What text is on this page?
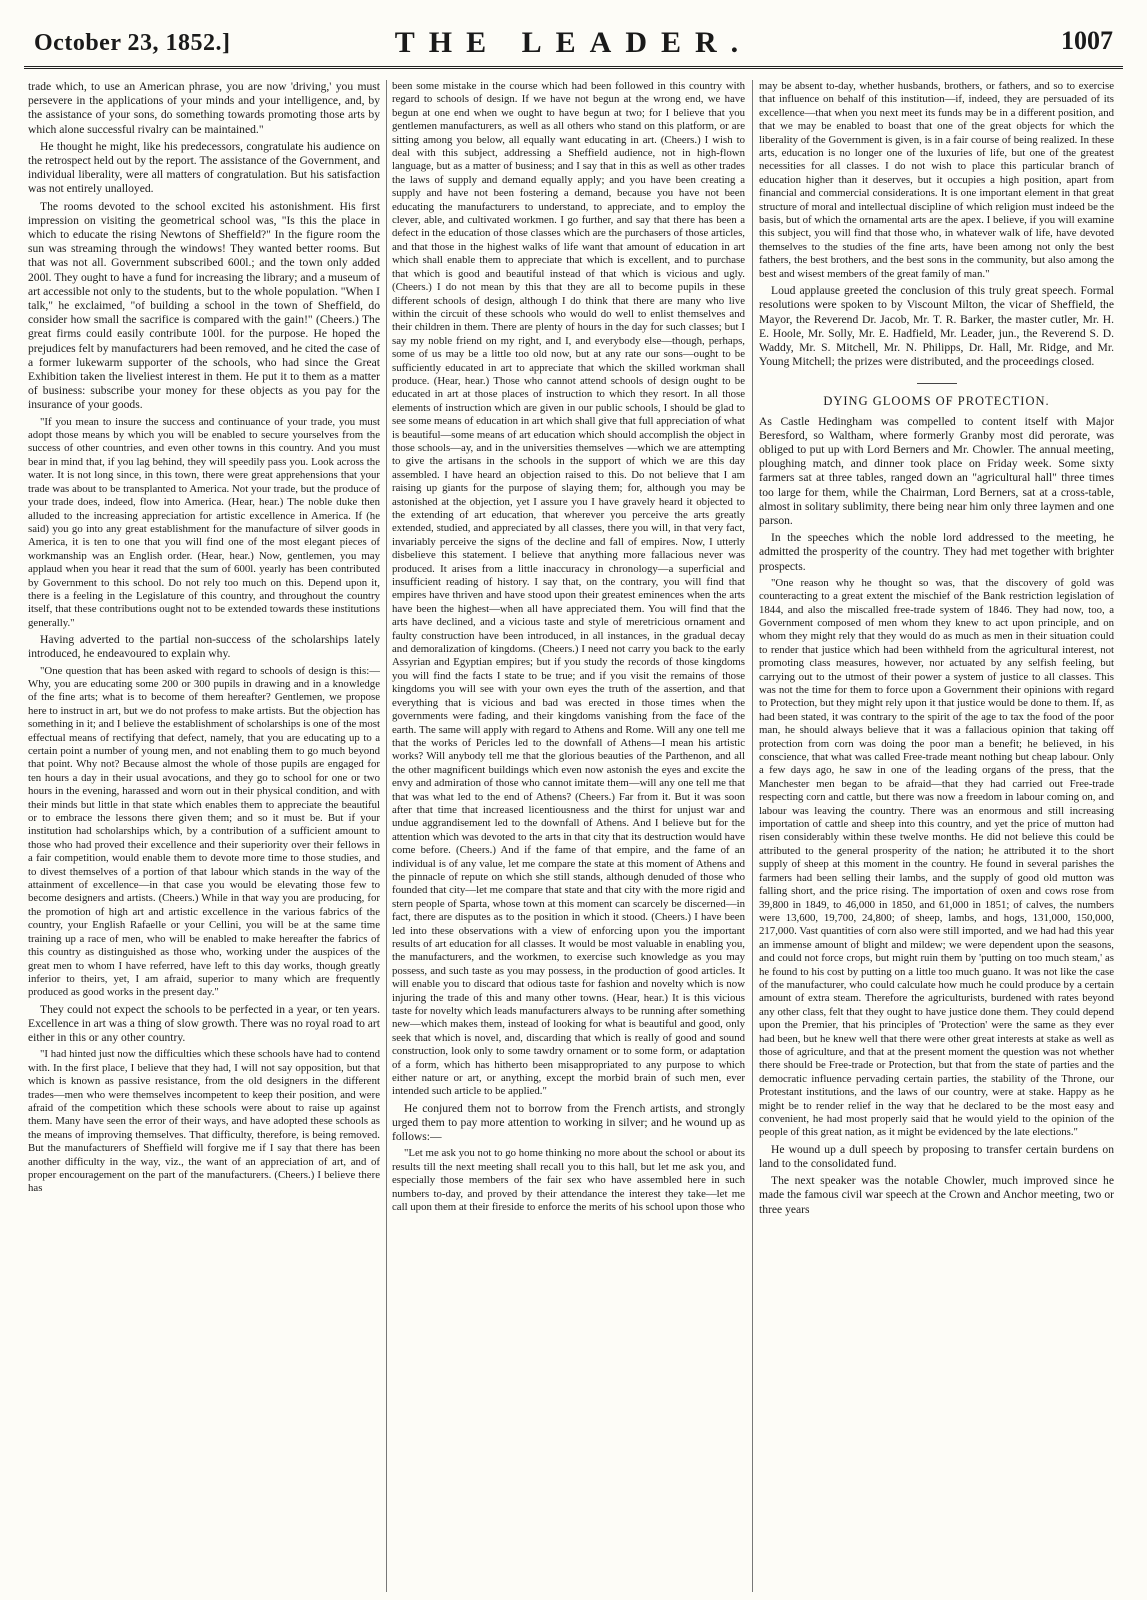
October 23, 1852.]	THE LEADER.	1007

trade which, to use an American phrase, you are now 'driving,' you must persevere in the applications of your minds and your intelligence, and, by the assistance of your sons, do something towards promoting those arts by which alone successful rivalry can be maintained."

He thought he might, like his predecessors, congratulate his audience on the retrospect held out by the report. The assistance of the Government, and individual liberality, were all matters of congratulation. But his satisfaction was not entirely unalloyed.

The rooms devoted to the school excited his astonishment. His first impression on visiting the geometrical school was, "Is this the place in which to educate the rising Newtons of Sheffield?" In the figure room the sun was streaming through the windows! They wanted better rooms. But that was not all. Government subscribed 600l.; and the town only added 200l. They ought to have a fund for increasing the library; and a museum of art accessible not only to the students, but to the whole population. "When I talk," he exclaimed, "of building a school in the town of Sheffield, do consider how small the sacrifice is compared with the gain!" (Cheers.) The great firms could easily contribute 100l. for the purpose. He hoped the prejudices felt by manufacturers had been removed, and he cited the case of a former lukewarm supporter of the schools, who had since the Great Exhibition taken the liveliest interest in them. He put it to them as a matter of business: subscribe your money for these objects as you pay for the insurance of your goods.

"If you mean to insure the success and continuance of your trade, you must adopt those means by which you will be enabled to secure yourselves from the success of other countries, and even other towns in this country. And you must bear in mind that, if you lag behind, they will speedily pass you. Look across the water. It is not long since, in this town, there were great apprehensions that your trade was about to be transplanted to America. Not your trade, but the produce of your trade does, indeed, flow into America. (Hear, hear.) The noble duke then alluded to the increasing appreciation for artistic excellence in America. If (he said) you go into any great establishment for the manufacture of silver goods in America, it is ten to one that you will find one of the most elegant pieces of workmanship was an English order. (Hear, hear.) Now, gentlemen, you may applaud when you hear it read that the sum of 600l. yearly has been contributed by Government to this school. Do not rely too much on this. Depend upon it, there is a feeling in the Legislature of this country, and throughout the country itself, that these contributions ought not to be extended towards these institutions generally."

Having adverted to the partial non-success of the scholarships lately introduced, he endeavoured to explain why.

"One question that has been asked with regard to schools of design is this:—Why, you are educating some 200 or 300 pupils in drawing and in a knowledge of the fine arts; what is to become of them hereafter? Gentlemen, we propose here to instruct in art, but we do not profess to make artists. But the objection has something in it; and I believe the establishment of scholarships is one of the most effectual means of rectifying that defect, namely, that you are educating up to a certain point a number of young men, and not enabling them to go much beyond that point. Why not? Because almost the whole of those pupils are engaged for ten hours a day in their usual avocations, and they go to school for one or two hours in the evening, harassed and worn out in their physical condition, and with their minds but little in that state which enables them to appreciate the beautiful or to embrace the lessons there given them; and so it must be. But if your institution had scholarships which, by a contribution of a sufficient amount to those who had proved their excellence and their superiority over their fellows in a fair competition, would enable them to devote more time to those studies, and to divest themselves of a portion of that labour which stands in the way of the attainment of excellence—in that case you would be elevating those few to become designers and artists. (Cheers.) While in that way you are producing, for the promotion of high art and artistic excellence in the various fabrics of the country, your English Rafaelle or your Cellini, you will be at the same time training up a race of men, who will be enabled to make hereafter the fabrics of this country as distinguished as those who, working under the auspices of the great men to whom I have referred, have left to this day works, though greatly inferior to theirs, yet, I am afraid, superior to many which are frequently produced as good works in the present day."

They could not expect the schools to be perfected in a year, or ten years. Excellence in art was a thing of slow growth. There was no royal road to art either in this or any other country.

"I had hinted just now the difficulties which these schools have had to contend with. In the first place, I believe that they had, I will not say opposition, but that which is known as passive resistance, from the old designers in the different trades—men who were themselves incompetent to keep their position, and were afraid of the competition which these schools were about to raise up against them. Many have seen the error of their ways, and have adopted these schools as the means of improving themselves. That difficulty, therefore, is being removed. But the manufacturers of Sheffield will forgive me if I say that there has been another difficulty in the way, viz., the want of an appreciation of art, and of proper encouragement on the part of the manufacturers. (Cheers.) I believe there has

been some mistake in the course which had been followed in this country with regard to schools of design. If we have not begun at the wrong end, we have begun at one end when we ought to have begun at two; for I believe that you gentlemen manufacturers, as well as all others who stand on this platform, or are sitting among you below, all equally want educating in art. (Cheers.) I wish to deal with this subject, addressing a Sheffield audience, not in high-flown language, but as a matter of business; and I say that in this as well as other trades the laws of supply and demand equally apply; and you have been creating a supply and have not been fostering a demand, because you have not been educating the manufacturers to understand, to appreciate, and to employ the clever, able, and cultivated workmen. I go further, and say that there has been a defect in the education of those classes which are the purchasers of those articles, and that those in the highest walks of life want that amount of education in art which shall enable them to appreciate that which is excellent, and to purchase that which is good and beautiful instead of that which is vicious and ugly. (Cheers.) I do not mean by this that they are all to become pupils in these different schools of design, although I do think that there are many who live within the circuit of these schools who would do well to enlist themselves and their children in them. There are plenty of hours in the day for such classes; but I say my noble friend on my right, and I, and everybody else—though, perhaps, some of us may be a little too old now, but at any rate our sons—ought to be sufficiently educated in art to appreciate that which the skilled workman shall produce. (Hear, hear.) Those who cannot attend schools of design ought to be educated in art at those places of instruction to which they resort. In all those elements of instruction which are given in our public schools, I should be glad to see some means of education in art which shall give that full appreciation of what is beautiful—some means of art education which should accomplish the object in those schools—ay, and in the universities themselves —which we are attempting to give the artisans in the schools in the support of which we are this day assembled. I have heard an objection raised to this. Do not believe that I am raising up giants for the purpose of slaying them; for, although you may be astonished at the objection, yet I assure you I have gravely heard it objected to the extending of art education, that wherever you perceive the arts greatly extended, studied, and appreciated by all classes, there you will, in that very fact, invariably perceive the signs of the decline and fall of empires. Now, I utterly disbelieve this statement. I believe that anything more fallacious never was produced. It arises from a little inaccuracy in chronology—a superficial and insufficient reading of history. I say that, on the contrary, you will find that empires have thriven and have stood upon their greatest eminences when the arts have been the highest—when all have appreciated them. You will find that the arts have declined, and a vicious taste and style of meretricious ornament and faulty construction have been introduced, in all instances, in the gradual decay and demoralization of kingdoms. (Cheers.) I need not carry you back to the early Assyrian and Egyptian empires; but if you study the records of those kingdoms you will find the facts I state to be true; and if you visit the remains of those kingdoms you will see with your own eyes the truth of the assertion, and that everything that is vicious and bad was erected in those times when the governments were fading, and their kingdoms vanishing from the face of the earth. The same will apply with regard to Athens and Rome. Will any one tell me that the works of Pericles led to the downfall of Athens—I mean his artistic works? Will anybody tell me that the glorious beauties of the Parthenon, and all the other magnificent buildings which even now astonish the eyes and excite the envy and admiration of those who cannot imitate them—will any one tell me that that was what led to the end of Athens? (Cheers.) Far from it. But it was soon after that time that increased licentiousness and the thirst for unjust war and undue aggrandisement led to the downfall of Athens. And I believe but for the attention which was devoted to the arts in that city that its destruction would have come before. (Cheers.) And if the fame of that empire, and the fame of an individual is of any value, let me compare the state at this moment of Athens and the pinnacle of repute on which she still stands, although denuded of those who founded that city—let me compare that state and that city with the more rigid and stern people of Sparta, whose town at this moment can scarcely be discerned—in fact, there are disputes as to the position in which it stood. (Cheers.) I have been led into these observations with a view of enforcing upon you the important results of art education for all classes. It would be most valuable in enabling you, the manufacturers, and the workmen, to exercise such knowledge as you may possess, and such taste as you may possess, in the production of good articles. It will enable you to discard that odious taste for fashion and novelty which is now injuring the trade of this and many other towns. (Hear, hear.) It is this vicious taste for novelty which leads manufacturers always to be running after something new—which makes them, instead of looking for what is beautiful and good, only seek that which is novel, and, discarding that which is really of good and sound construction, look only to some tawdry ornament or to some form, or adaptation of a form, which has hitherto been misappropriated to any purpose to which either nature or art, or anything, except the morbid brain of such men, ever intended such article to be applied."

He conjured them not to borrow from the French artists, and strongly urged them to pay more attention to working in silver; and he wound up as follows:—

"Let me ask you not to go home thinking no more about the school or about its results till the next meeting shall recall you to this hall, but let me ask you, and especially those members of the fair sex who have assembled here in such numbers to-day, and proved by their attendance the interest they take—let me call upon them at their fireside to enforce the merits of his school upon those who

may be absent to-day, whether husbands, brothers, or fathers, and so to exercise that influence on behalf of this institution—if, indeed, they are persuaded of its excellence—that when you next meet its funds may be in a different position, and that we may be enabled to boast that one of the great objects for which the liberality of the Government is given, is in a fair course of being realized. In these arts, education is no longer one of the luxuries of life, but one of the greatest necessities for all classes. I do not wish to place this particular branch of education higher than it deserves, but it occupies a high position, apart from financial and commercial considerations. It is one important element in that great structure of moral and intellectual discipline of which religion must indeed be the basis, but of which the ornamental arts are the apex. I believe, if you will examine this subject, you will find that those who, in whatever walk of life, have devoted themselves to the studies of the fine arts, have been among not only the best fathers, the best brothers, and the best sons in the community, but also among the best and wisest members of the great family of man."

Loud applause greeted the conclusion of this truly great speech. Formal resolutions were spoken to by Viscount Milton, the vicar of Sheffield, the Mayor, the Reverend Dr. Jacob, Mr. T. R. Barker, the master cutler, Mr. H. E. Hoole, Mr. Solly, Mr. E. Hadfield, Mr. Leader, jun., the Reverend S. D. Waddy, Mr. S. Mitchell, Mr. N. Philipps, Dr. Hall, Mr. Ridge, and Mr. Young Mitchell; the prizes were distributed, and the proceedings closed.

DYING GLOOMS OF PROTECTION.

As Castle Hedingham was compelled to content itself with Major Beresford, so Waltham, where formerly Granby most did perorate, was obliged to put up with Lord Berners and Mr. Chowler. The annual meeting, ploughing match, and dinner took place on Friday week. Some sixty farmers sat at three tables, ranged down an "agricultural hall" three times too large for them, while the Chairman, Lord Berners, sat at a cross-table, almost in solitary sublimity, there being near him only three laymen and one parson.

In the speeches which the noble lord addressed to the meeting, he admitted the prosperity of the country. They had met together with brighter prospects.

"One reason why he thought so was, that the discovery of gold was counteracting to a great extent the mischief of the Bank restriction legislation of 1844, and also the miscalled free-trade system of 1846. They had now, too, a Government composed of men whom they knew to act upon principle, and on whom they might rely that they would do as much as men in their situation could to render that justice which had been withheld from the agricultural interest, not promoting class measures, however, nor actuated by any selfish feeling, but carrying out to the utmost of their power a system of justice to all classes. This was not the time for them to force upon a Government their opinions with regard to Protection, but they might rely upon it that justice would be done to them. If, as had been stated, it was contrary to the spirit of the age to tax the food of the poor man, he should always believe that it was a fallacious opinion that taking off protection from corn was doing the poor man a benefit; he believed, in his conscience, that what was called Free-trade meant nothing but cheap labour. Only a few days ago, he saw in one of the leading organs of the press, that the Manchester men began to be afraid—that they had carried out Free-trade respecting corn and cattle, but there was now a freedom in labour coming on, and labour was leaving the country. There was an enormous and still increasing importation of cattle and sheep into this country, and yet the price of mutton had risen considerably within these twelve months. He did not believe this could be attributed to the general prosperity of the nation; he attributed it to the short supply of sheep at this moment in the country. He found in several parishes the farmers had been selling their lambs, and the supply of good old mutton was falling short, and the price rising. The importation of oxen and cows rose from 39,800 in 1849, to 46,000 in 1850, and 61,000 in 1851; of calves, the numbers were 13,600, 19,700, 24,800; of sheep, lambs, and hogs, 131,000, 150,000, 217,000. Vast quantities of corn also were still imported, and we had had this year an immense amount of blight and mildew; we were dependent upon the seasons, and could not force crops, but might ruin them by 'putting on too much steam,' as he found to his cost by putting on a little too much guano. It was not like the case of the manufacturer, who could calculate how much he could produce by a certain amount of extra steam. Therefore the agriculturists, burdened with rates beyond any other class, felt that they ought to have justice done them. They could depend upon the Premier, that his principles of 'Protection' were the same as they ever had been, but he knew well that there were other great interests at stake as well as those of agriculture, and that at the present moment the question was not whether there should be Free-trade or Protection, but that from the state of parties and the democratic influence pervading certain parties, the stability of the Throne, our Protestant institutions, and the laws of our country, were at stake. Happy as he might be to render relief in the way that he declared to be the most easy and convenient, he had most properly said that he would yield to the opinion of the people of this great nation, as it might be evidenced by the late elections."

He wound up a dull speech by proposing to transfer certain burdens on land to the consolidated fund.

The next speaker was the notable Chowler, much improved since he made the famous civil war speech at the Crown and Anchor meeting, two or three years
